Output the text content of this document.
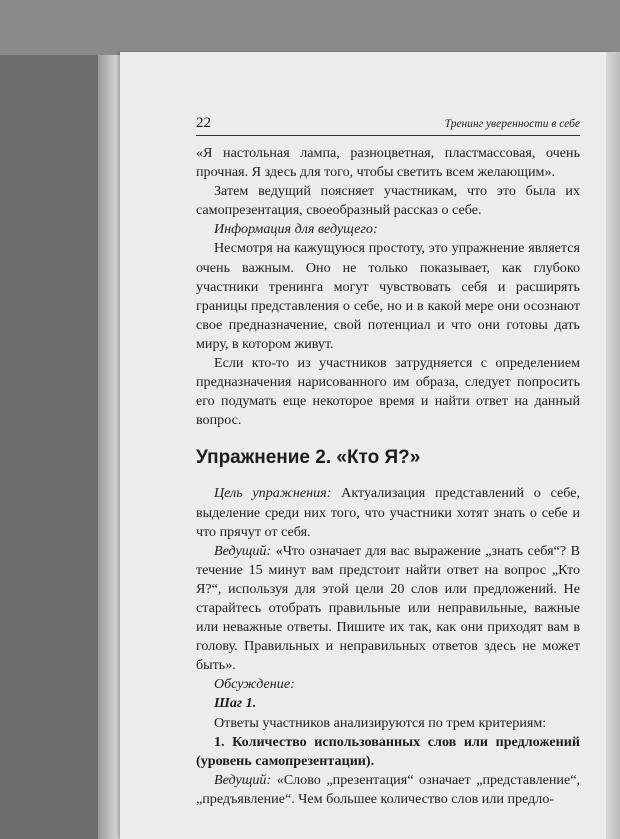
22	Тренинг уверенности в себе

«Я настольная лампа, разноцветная, пластмассовая, очень прочная. Я здесь для того, чтобы светить всем желающим».

Затем ведущий поясняет участникам, что это была их самопрезентация, своеобразный рассказ о себе.

Информация для ведущего:

Несмотря на кажущуюся простоту, это упражнение является очень важным. Оно не только показывает, как глубоко участники тренинга могут чувствовать себя и расширять границы представления о себе, но и в какой мере они осознают свое предназначение, свой потенциал и что они готовы дать миру, в котором живут.

Если кто-то из участников затрудняется с определением предназначения нарисованного им образа, следует попросить его подумать еще некоторое время и найти ответ на данный вопрос.

Упражнение 2. «Кто Я?»

Цель упражнения: Актуализация представлений о себе, выделение среди них того, что участники хотят знать о себе и что прячут от себя.

Ведущий: «Что означает для вас выражение „знать себя“? В течение 15 минут вам предстоит найти ответ на вопрос „Кто Я?“, используя для этой цели 20 слов или предложений. Не старайтесь отобрать правильные или неправильные, важные или неважные ответы. Пишите их так, как они приходят вам в голову. Правильных и неправильных ответов здесь не может быть».

Обсуждение:

Шаг 1.

Ответы участников анализируются по трем критериям:

1. Количество использованных слов или предложений (уровень самопрезентации).

Ведущий: «Слово „презентация“ означает „представление“, „предъявление“. Чем большее количество слов или предло-
